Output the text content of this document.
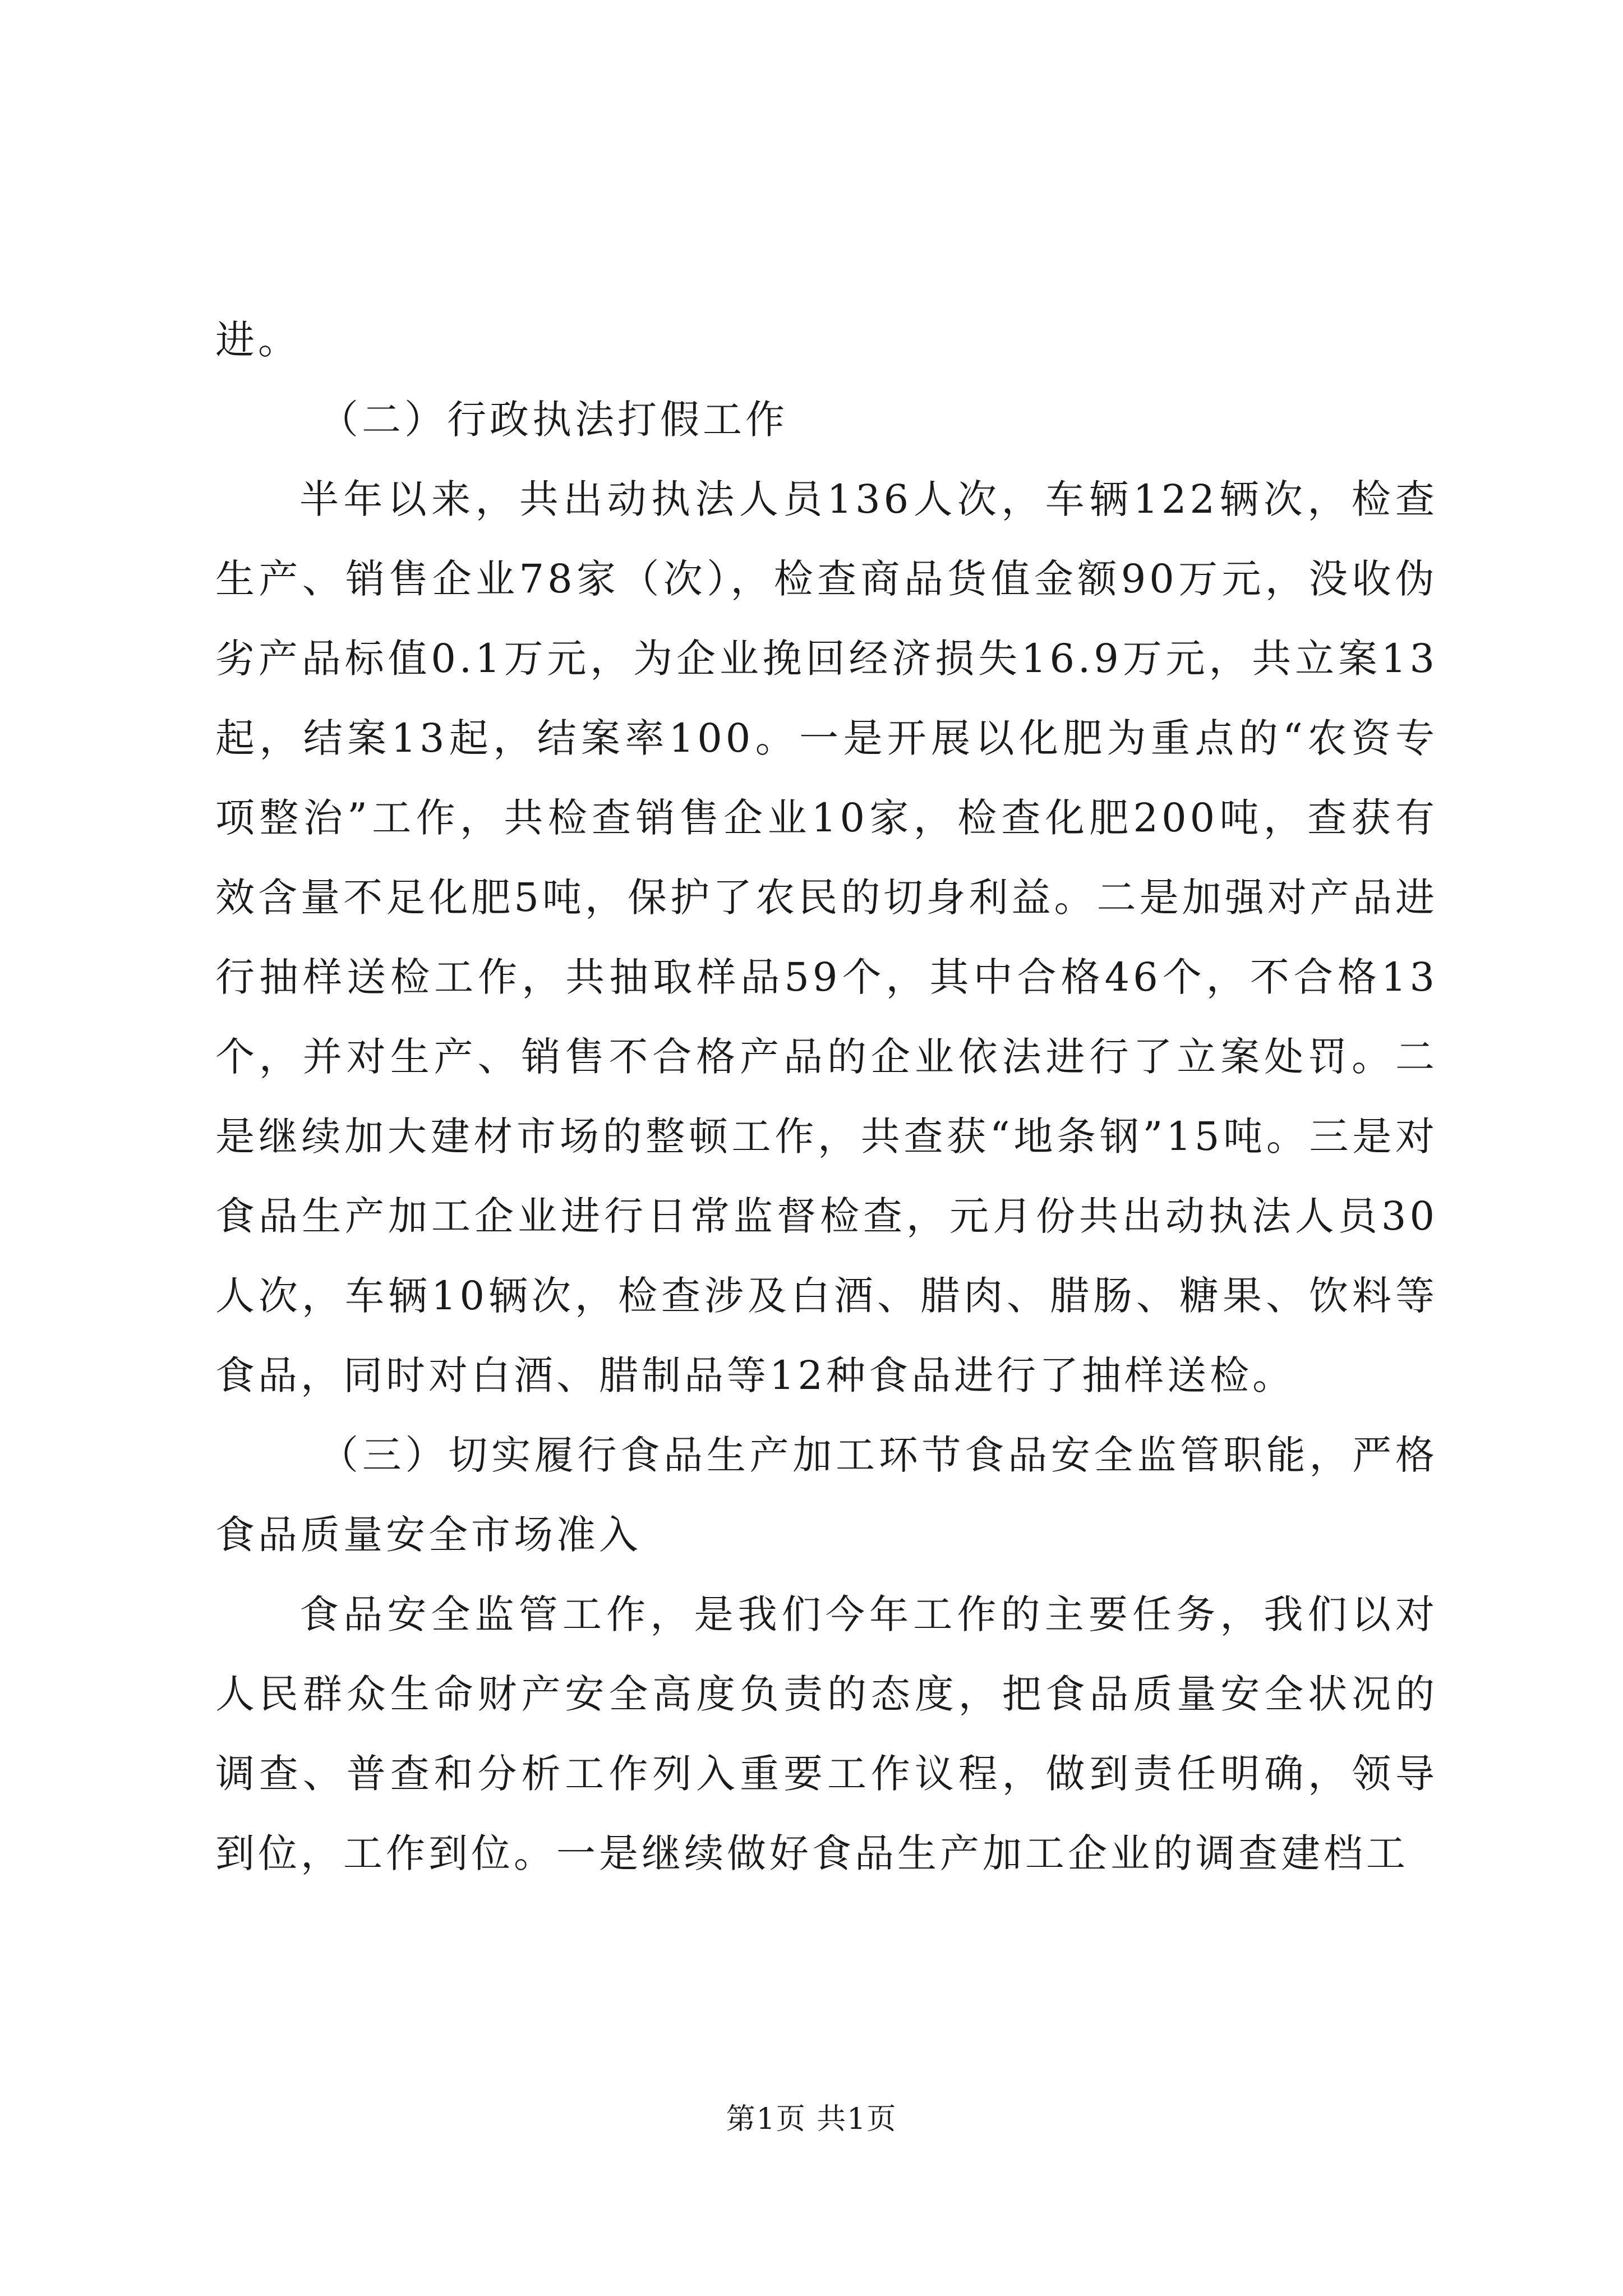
进。

（二）行政执法打假工作

半年以来，共出动执法人员136人次，车辆122辆次，检查生产、销售企业78家（次），检查商品货值金额90万元，没收伪劣产品标值0.1万元，为企业挽回经济损失16.9万元，共立案13起，结案13起，结案率100。一是开展以化肥为重点的“农资专项整治”工作，共检查销售企业10家，检查化肥200吨，查获有效含量不足化肥5吨，保护了农民的切身利益。二是加强对产品进行抽样送检工作，共抽取样品59个，其中合格46个，不合格13个，并对生产、销售不合格产品的企业依法进行了立案处罚。二是继续加大建材市场的整顿工作，共查获“地条钢”15吨。三是对食品生产加工企业进行日常监督检查，元月份共出动执法人员30人次，车辆10辆次，检查涉及白酒、腊肉、腊肠、糖果、饮料等食品，同时对白酒、腊制品等12种食品进行了抽样送检。

（三）切实履行食品生产加工环节食品安全监管职能，严格食品质量安全市场准入

食品安全监管工作，是我们今年工作的主要任务，我们以对人民群众生命财产安全高度负责的态度，把食品质量安全状况的调查、普查和分析工作列入重要工作议程，做到责任明确，领导到位，工作到位。一是继续做好食品生产加工企业的调查建档工

第1页 共1页
